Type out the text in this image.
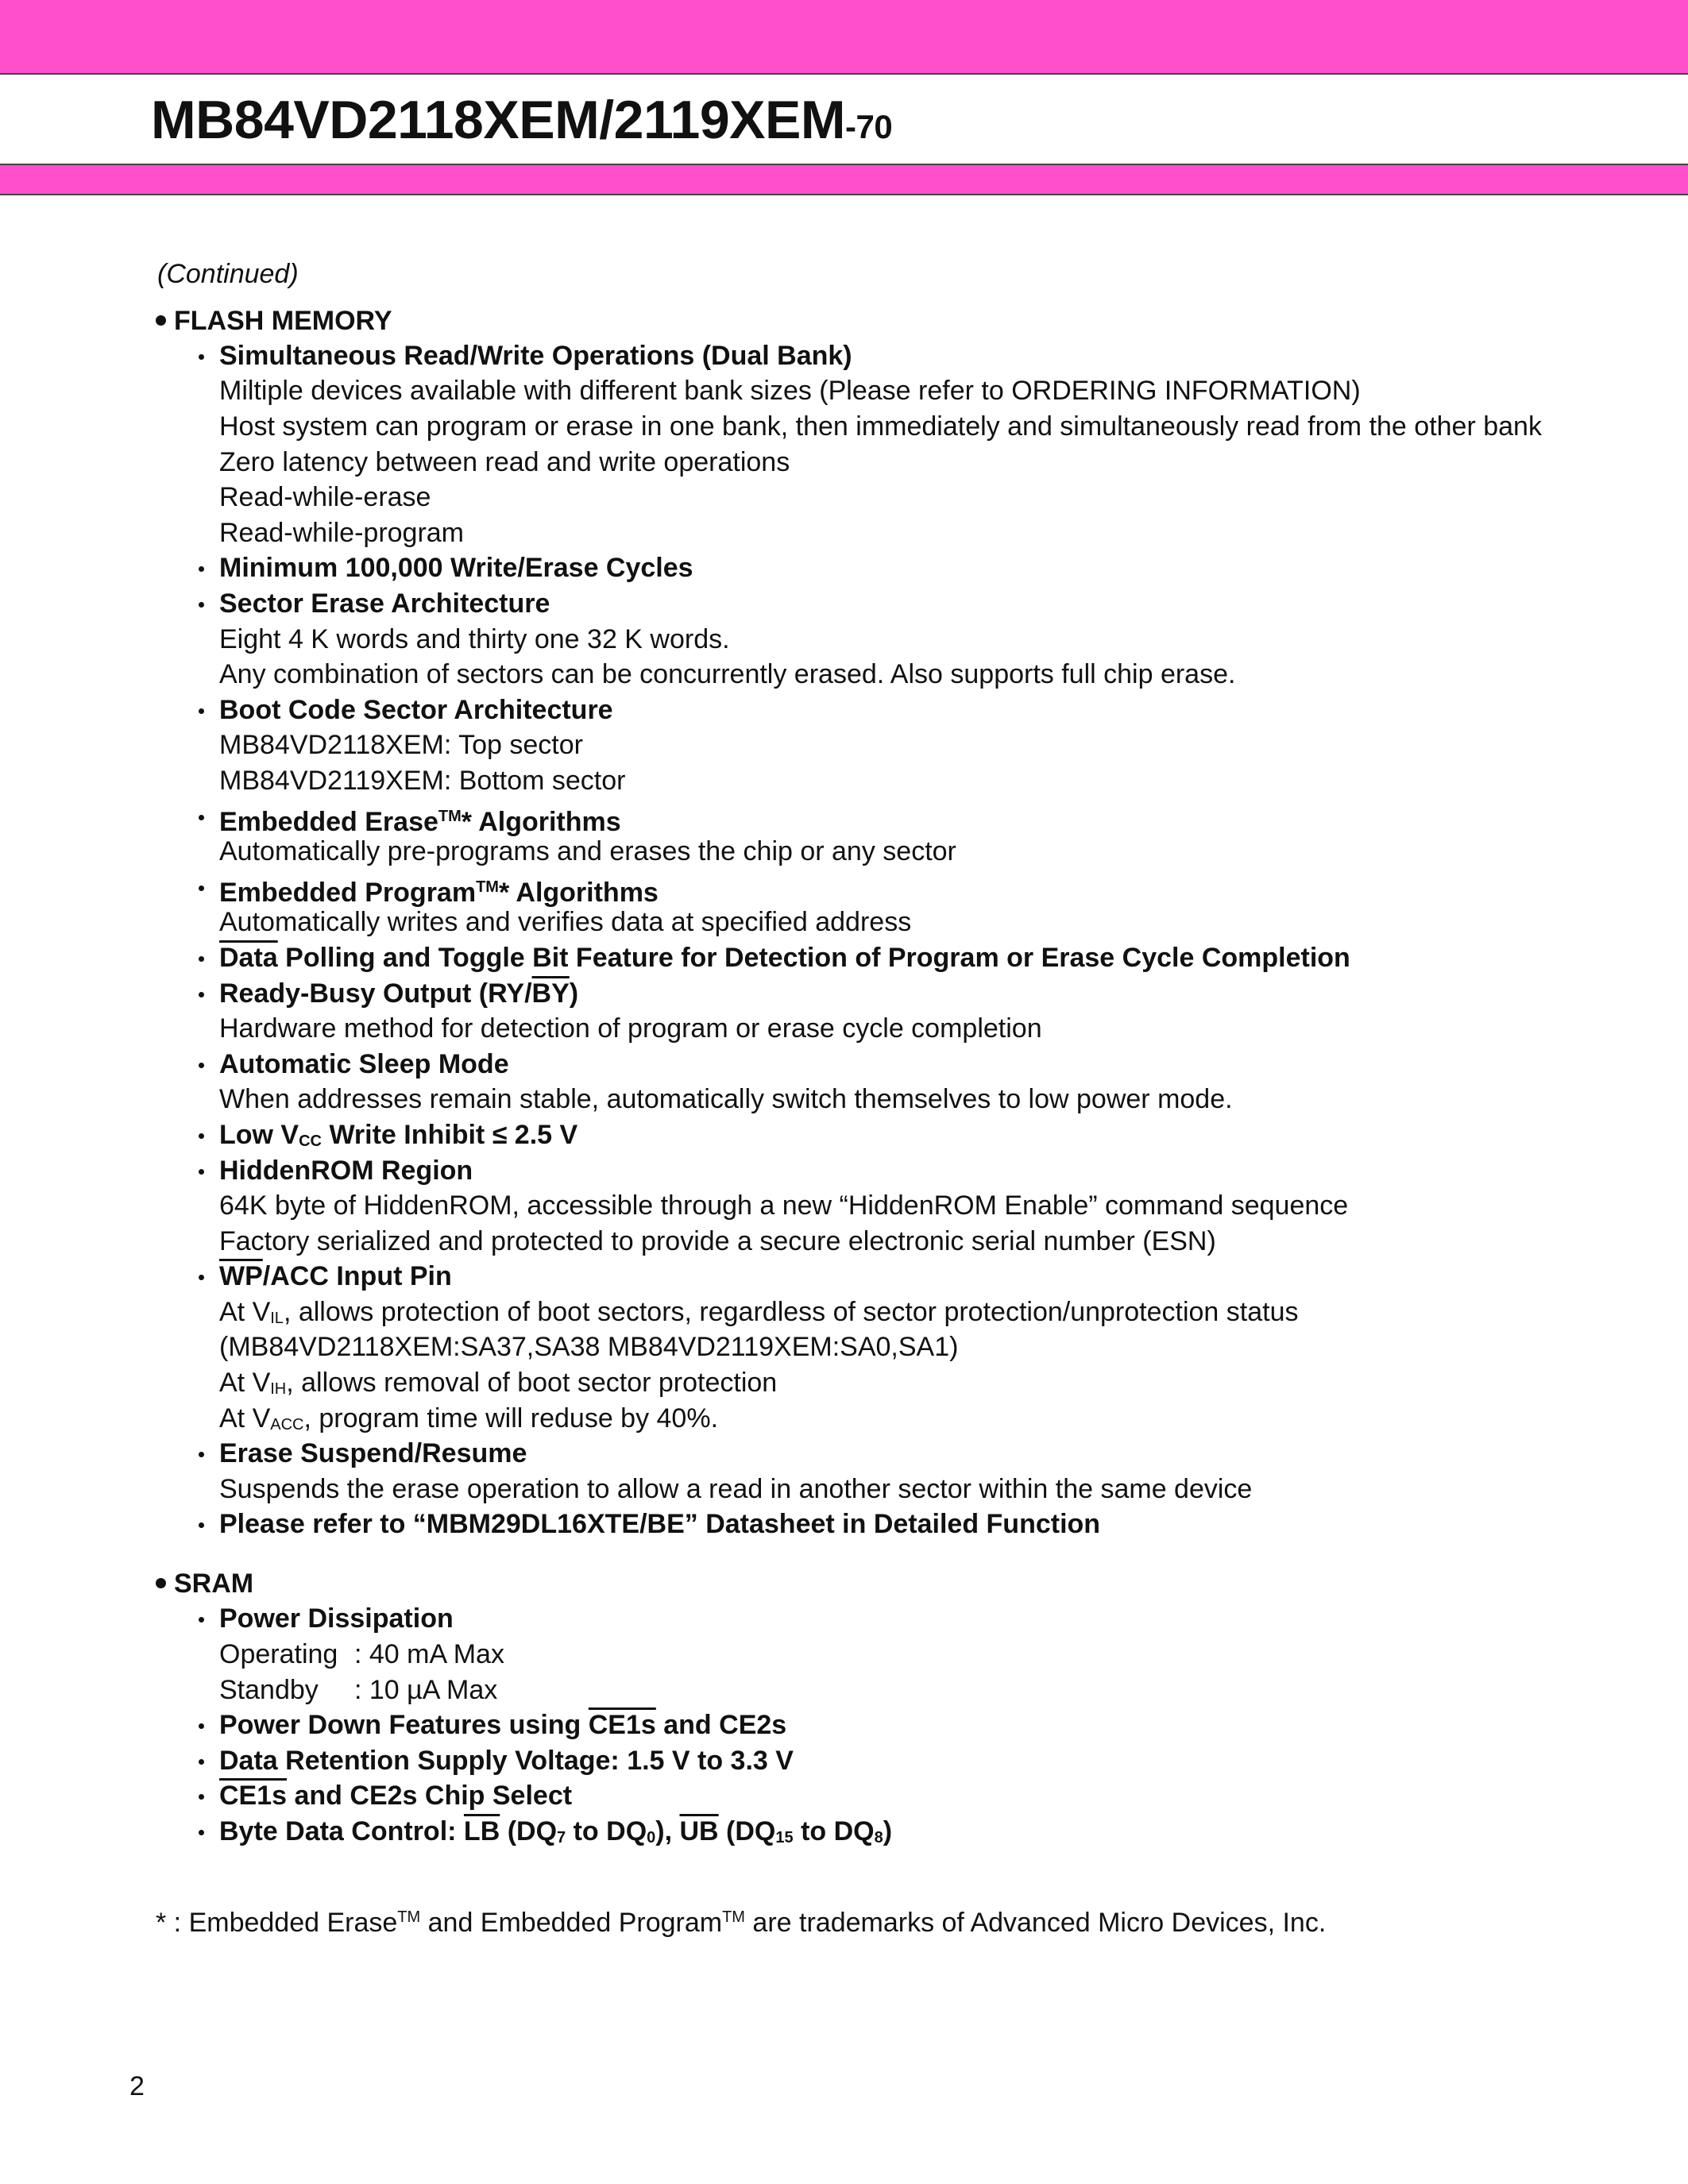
MB84VD2118XEM/2119XEM-70
(Continued)
FLASH MEMORY
Simultaneous Read/Write Operations (Dual Bank)
Miltiple devices available with different bank sizes (Please refer to ORDERING INFORMATION)
Host system can program or erase in one bank, then immediately and simultaneously read from the other bank
Zero latency between read and write operations
Read-while-erase
Read-while-program
Minimum 100,000 Write/Erase Cycles
Sector Erase Architecture
Eight 4 K words and thirty one 32 K words.
Any combination of sectors can be concurrently erased. Also supports full chip erase.
Boot Code Sector Architecture
MB84VD2118XEM: Top sector
MB84VD2119XEM: Bottom sector
Embedded Erase™* Algorithms
Automatically pre-programs and erases the chip or any sector
Embedded Program™* Algorithms
Automatically writes and verifies data at specified address
Data Polling and Toggle Bit Feature for Detection of Program or Erase Cycle Completion
Ready-Busy Output $(RY/\overline{BY})$
Hardware method for detection of program or erase cycle completion
Automatic Sleep Mode
When addresses remain stable, automatically switch themselves to low power mode.
Low $V_{CC}$ Write Inhibit ≤ 2.5 V
HiddenROM Region
64K byte of HiddenROM, accessible through a new “HiddenROM Enable” command sequence
Factory serialized and protected to provide a secure electronic serial number (ESN)
$\overline{WP}$/ACC Input Pin
At $V_{IL}$, allows protection of boot sectors, regardless of sector protection/unprotection status
(MB84VD2118XEM:SA37,SA38 MB84VD2119XEM:SA0,SA1)
At $V_{IH}$, allows removal of boot sector protection
At $V_{ACC}$, program time will reduse by 40%.
Erase Suspend/Resume
Suspends the erase operation to allow a read in another sector within the same device
Please refer to “MBM29DL16XTE/BE” Datasheet in Detailed Function
SRAM
Power Dissipation
Operating : 40 mA Max
Standby : 10 µA Max
Power Down Features using CE1s and CE2s
Data Retention Supply Voltage: 1.5 V to 3.3 V
CE1s and CE2s Chip Select
Byte Data Control: $\overline{LB}$ ($DQ_7$ to $DQ_0$), $\overline{UB}$ ($DQ_{15}$ to $DQ_8$)
* : Embedded Erase™ and Embedded Program™ are trademarks of Advanced Micro Devices, Inc.
2
